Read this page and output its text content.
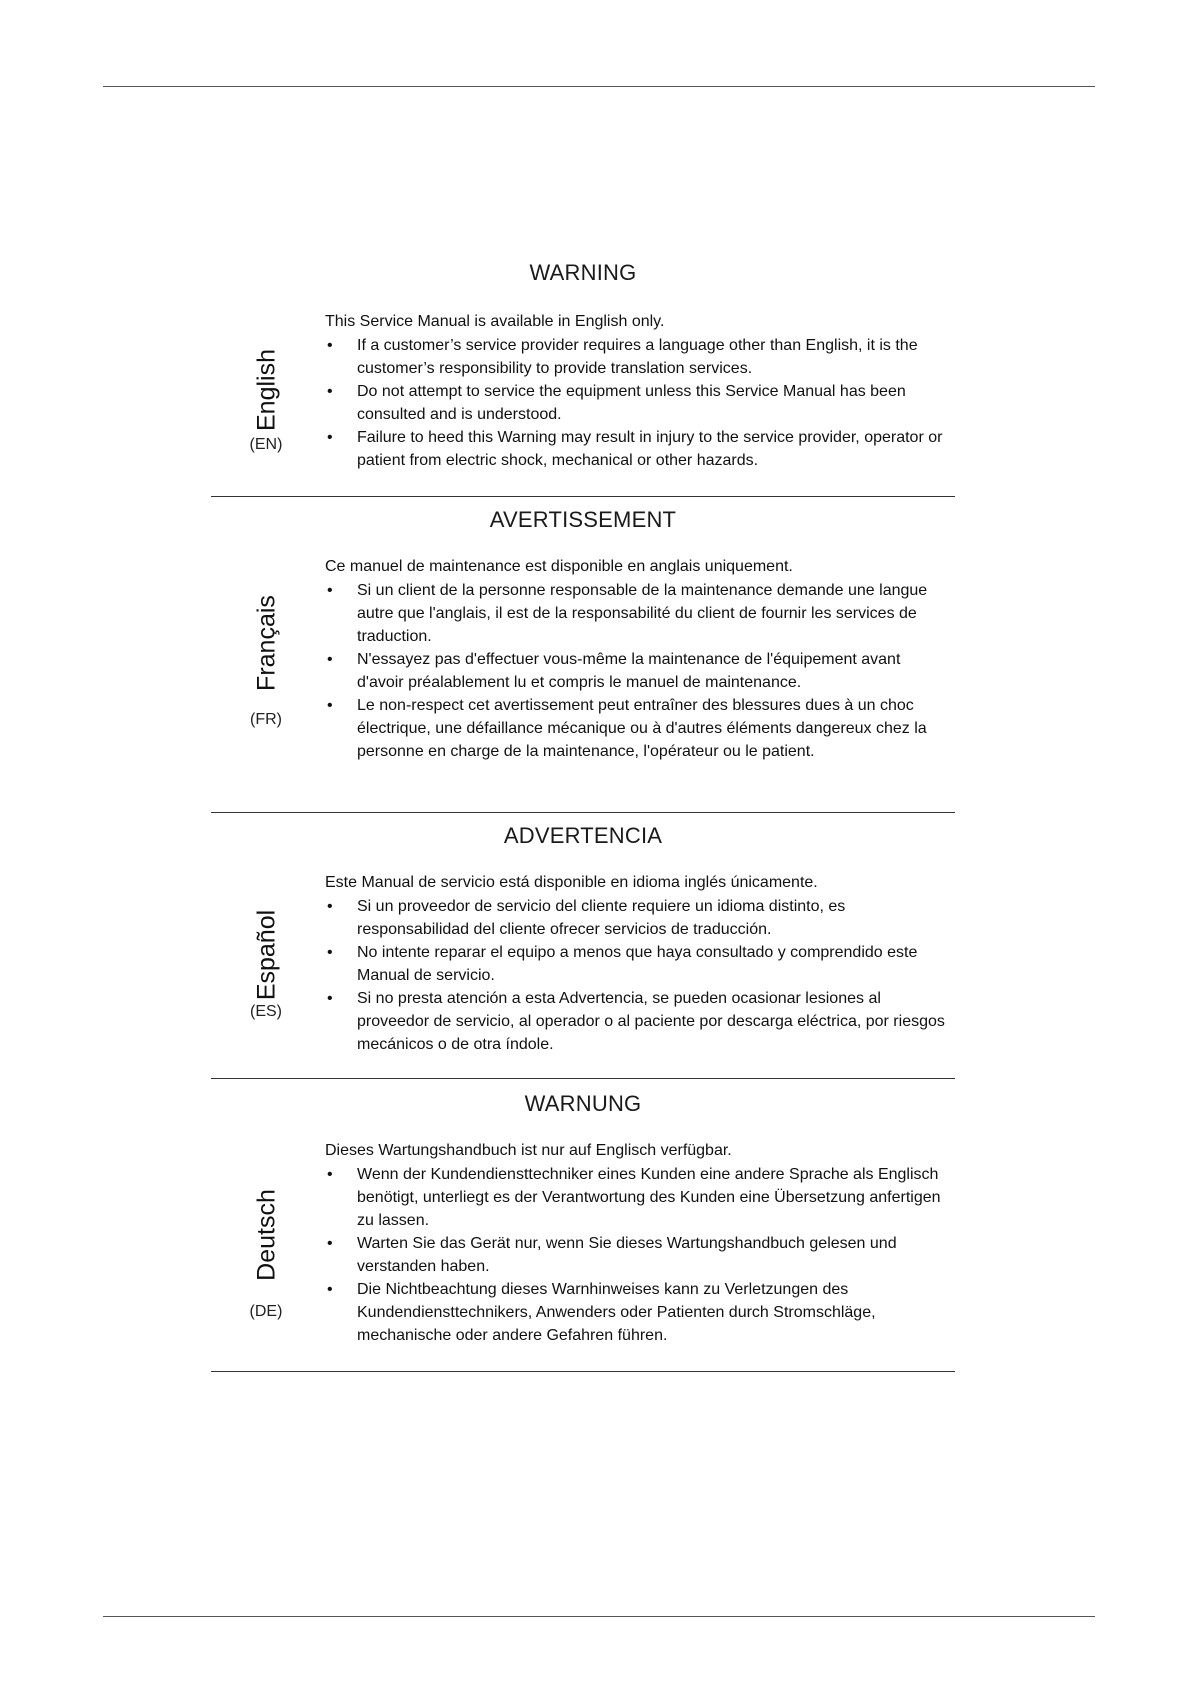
WARNING
English
(EN)

This Service Manual is available in English only.

• If a customer’s service provider requires a language other than English, it is the customer’s responsibility to provide translation services.
• Do not attempt to service the equipment unless this Service Manual has been consulted and is understood.
• Failure to heed this Warning may result in injury to the service provider, operator or patient from electric shock, mechanical or other hazards.
AVERTISSEMENT
Français
(FR)

Ce manuel de maintenance est disponible en anglais uniquement.

• Si un client de la personne responsable de la maintenance demande une langue autre que l'anglais, il est de la responsabilité du client de fournir les services de traduction.
• N'essayez pas d'effectuer vous-même la maintenance de l'équipement avant d'avoir préalablement lu et compris le manuel de maintenance.
• Le non-respect cet avertissement peut entraîner des blessures dues à un choc électrique, une défaillance mécanique ou à d'autres éléments dangereux chez la personne en charge de la maintenance, l'opérateur ou le patient.
ADVERTENCIA
Español
(ES)

Este Manual de servicio está disponible en idioma inglés únicamente.

• Si un proveedor de servicio del cliente requiere un idioma distinto, es responsabilidad del cliente ofrecer servicios de traducción.
• No intente reparar el equipo a menos que haya consultado y comprendido este Manual de servicio.
• Si no presta atención a esta Advertencia, se pueden ocasionar lesiones al proveedor de servicio, al operador o al paciente por descarga eléctrica, por riesgos mecánicos o de otra índole.
WARNUNG
Deutsch
(DE)

Dieses Wartungshandbuch ist nur auf Englisch verfügbar.

• Wenn der Kundendiensttechniker eines Kunden eine andere Sprache als Englisch benötigt, unterliegt es der Verantwortung des Kunden eine Übersetzung anfertigen zu lassen.
• Warten Sie das Gerät nur, wenn Sie dieses Wartungshandbuch gelesen und verstanden haben.
• Die Nichtbeachtung dieses Warnhinweises kann zu Verletzungen des Kundendiensttechnikers, Anwenders oder Patienten durch Stromschläge, mechanische oder andere Gefahren führen.
